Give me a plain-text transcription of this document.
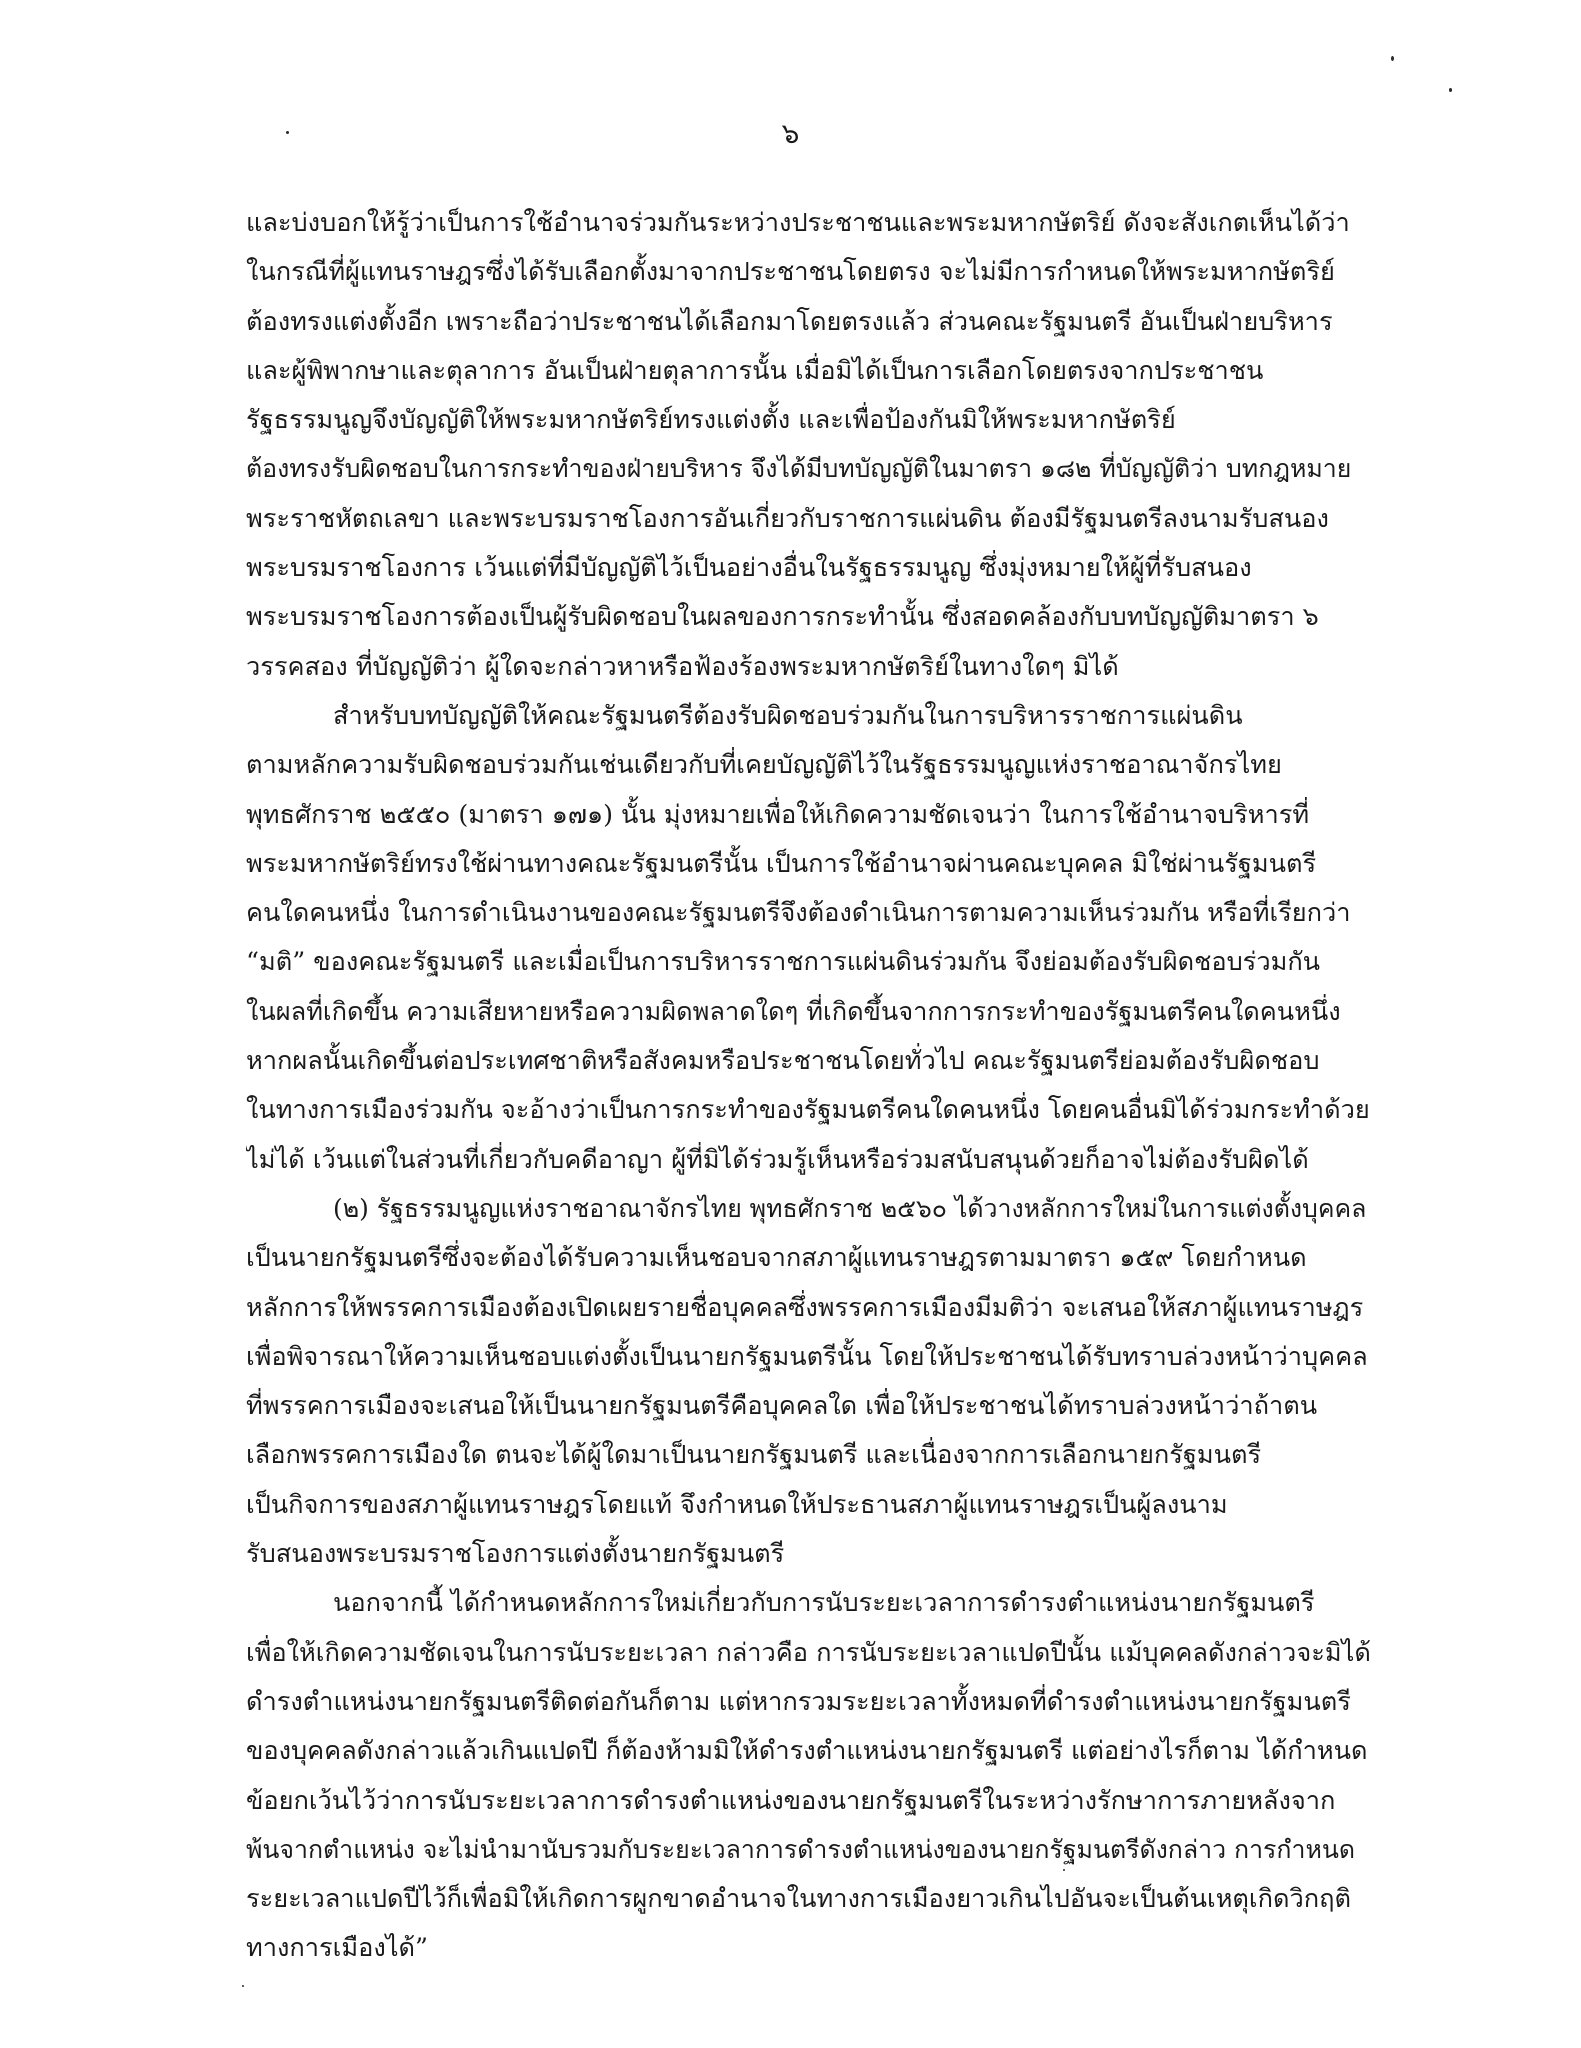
๖
และบ่งบอกให้รู้ว่าเป็นการใช้อำนาจร่วมกันระหว่างประชาชนและพระมหากษัตริย์ ดังจะสังเกตเห็นได้ว่า
ในกรณีที่ผู้แทนราษฎรซึ่งได้รับเลือกตั้งมาจากประชาชนโดยตรง จะไม่มีการกำหนดให้พระมหากษัตริย์
ต้องทรงแต่งตั้งอีก เพราะถือว่าประชาชนได้เลือกมาโดยตรงแล้ว ส่วนคณะรัฐมนตรี อันเป็นฝ่ายบริหาร
และผู้พิพากษาและตุลาการ อันเป็นฝ่ายตุลาการนั้น เมื่อมิได้เป็นการเลือกโดยตรงจากประชาชน
รัฐธรรมนูญจึงบัญญัติให้พระมหากษัตริย์ทรงแต่งตั้ง และเพื่อป้องกันมิให้พระมหากษัตริย์
ต้องทรงรับผิดชอบในการกระทำของฝ่ายบริหาร จึงได้มีบทบัญญัติในมาตรา ๑๘๒ ที่บัญญัติว่า บทกฎหมาย
พระราชหัตถเลขา และพระบรมราชโองการอันเกี่ยวกับราชการแผ่นดิน ต้องมีรัฐมนตรีลงนามรับสนอง
พระบรมราชโองการ เว้นแต่ที่มีบัญญัติไว้เป็นอย่างอื่นในรัฐธรรมนูญ ซึ่งมุ่งหมายให้ผู้ที่รับสนอง
พระบรมราชโองการต้องเป็นผู้รับผิดชอบในผลของการกระทำนั้น ซึ่งสอดคล้องกับบทบัญญัติมาตรา ๖
วรรคสอง ที่บัญญัติว่า ผู้ใดจะกล่าวหาหรือฟ้องร้องพระมหากษัตริย์ในทางใดๆ มิได้
สำหรับบทบัญญัติให้คณะรัฐมนตรีต้องรับผิดชอบร่วมกันในการบริหารราชการแผ่นดิน
ตามหลักความรับผิดชอบร่วมกันเช่นเดียวกับที่เคยบัญญัติไว้ในรัฐธรรมนูญแห่งราชอาณาจักรไทย
พุทธศักราช ๒๕๕๐ (มาตรา ๑๗๑) นั้น มุ่งหมายเพื่อให้เกิดความชัดเจนว่า ในการใช้อำนาจบริหารที่
พระมหากษัตริย์ทรงใช้ผ่านทางคณะรัฐมนตรีนั้น เป็นการใช้อำนาจผ่านคณะบุคคล มิใช่ผ่านรัฐมนตรี
คนใดคนหนึ่ง ในการดำเนินงานของคณะรัฐมนตรีจึงต้องดำเนินการตามความเห็นร่วมกัน หรือที่เรียกว่า
“มติ” ของคณะรัฐมนตรี และเมื่อเป็นการบริหารราชการแผ่นดินร่วมกัน จึงย่อมต้องรับผิดชอบร่วมกัน
ในผลที่เกิดขึ้น ความเสียหายหรือความผิดพลาดใดๆ ที่เกิดขึ้นจากการกระทำของรัฐมนตรีคนใดคนหนึ่ง
หากผลนั้นเกิดขึ้นต่อประเทศชาติหรือสังคมหรือประชาชนโดยทั่วไป คณะรัฐมนตรีย่อมต้องรับผิดชอบ
ในทางการเมืองร่วมกัน จะอ้างว่าเป็นการกระทำของรัฐมนตรีคนใดคนหนึ่ง โดยคนอื่นมิได้ร่วมกระทำด้วย
ไม่ได้ เว้นแต่ในส่วนที่เกี่ยวกับคดีอาญา ผู้ที่มิได้ร่วมรู้เห็นหรือร่วมสนับสนุนด้วยก็อาจไม่ต้องรับผิดได้
(๒) รัฐธรรมนูญแห่งราชอาณาจักรไทย พุทธศักราช ๒๕๖๐ ได้วางหลักการใหม่ในการแต่งตั้งบุคคล
เป็นนายกรัฐมนตรีซึ่งจะต้องได้รับความเห็นชอบจากสภาผู้แทนราษฎรตามมาตรา ๑๕๙ โดยกำหนด
หลักการให้พรรคการเมืองต้องเปิดเผยรายชื่อบุคคลซึ่งพรรคการเมืองมีมติว่า จะเสนอให้สภาผู้แทนราษฎร
เพื่อพิจารณาให้ความเห็นชอบแต่งตั้งเป็นนายกรัฐมนตรีนั้น โดยให้ประชาชนได้รับทราบล่วงหน้าว่าบุคคล
ที่พรรคการเมืองจะเสนอให้เป็นนายกรัฐมนตรีคือบุคคลใด เพื่อให้ประชาชนได้ทราบล่วงหน้าว่าถ้าตน
เลือกพรรคการเมืองใด ตนจะได้ผู้ใดมาเป็นนายกรัฐมนตรี และเนื่องจากการเลือกนายกรัฐมนตรี
เป็นกิจการของสภาผู้แทนราษฎรโดยแท้ จึงกำหนดให้ประธานสภาผู้แทนราษฎรเป็นผู้ลงนาม
รับสนองพระบรมราชโองการแต่งตั้งนายกรัฐมนตรี
นอกจากนี้ ได้กำหนดหลักการใหม่เกี่ยวกับการนับระยะเวลาการดำรงตำแหน่งนายกรัฐมนตรี
เพื่อให้เกิดความชัดเจนในการนับระยะเวลา กล่าวคือ การนับระยะเวลาแปดปีนั้น แม้บุคคลดังกล่าวจะมิได้
ดำรงตำแหน่งนายกรัฐมนตรีติดต่อกันก็ตาม แต่หากรวมระยะเวลาทั้งหมดที่ดำรงตำแหน่งนายกรัฐมนตรี
ของบุคคลดังกล่าวแล้วเกินแปดปี ก็ต้องห้ามมิให้ดำรงตำแหน่งนายกรัฐมนตรี แต่อย่างไรก็ตาม ได้กำหนด
ข้อยกเว้นไว้ว่าการนับระยะเวลาการดำรงตำแหน่งของนายกรัฐมนตรีในระหว่างรักษาการภายหลังจาก
พ้นจากตำแหน่ง จะไม่นำมานับรวมกับระยะเวลาการดำรงตำแหน่งของนายกรัฐมนตรีดังกล่าว การกำหนด
ระยะเวลาแปดปีไว้ก็เพื่อมิให้เกิดการผูกขาดอำนาจในทางการเมืองยาวเกินไปอันจะเป็นต้นเหตุเกิดวิกฤติ
ทางการเมืองได้”
